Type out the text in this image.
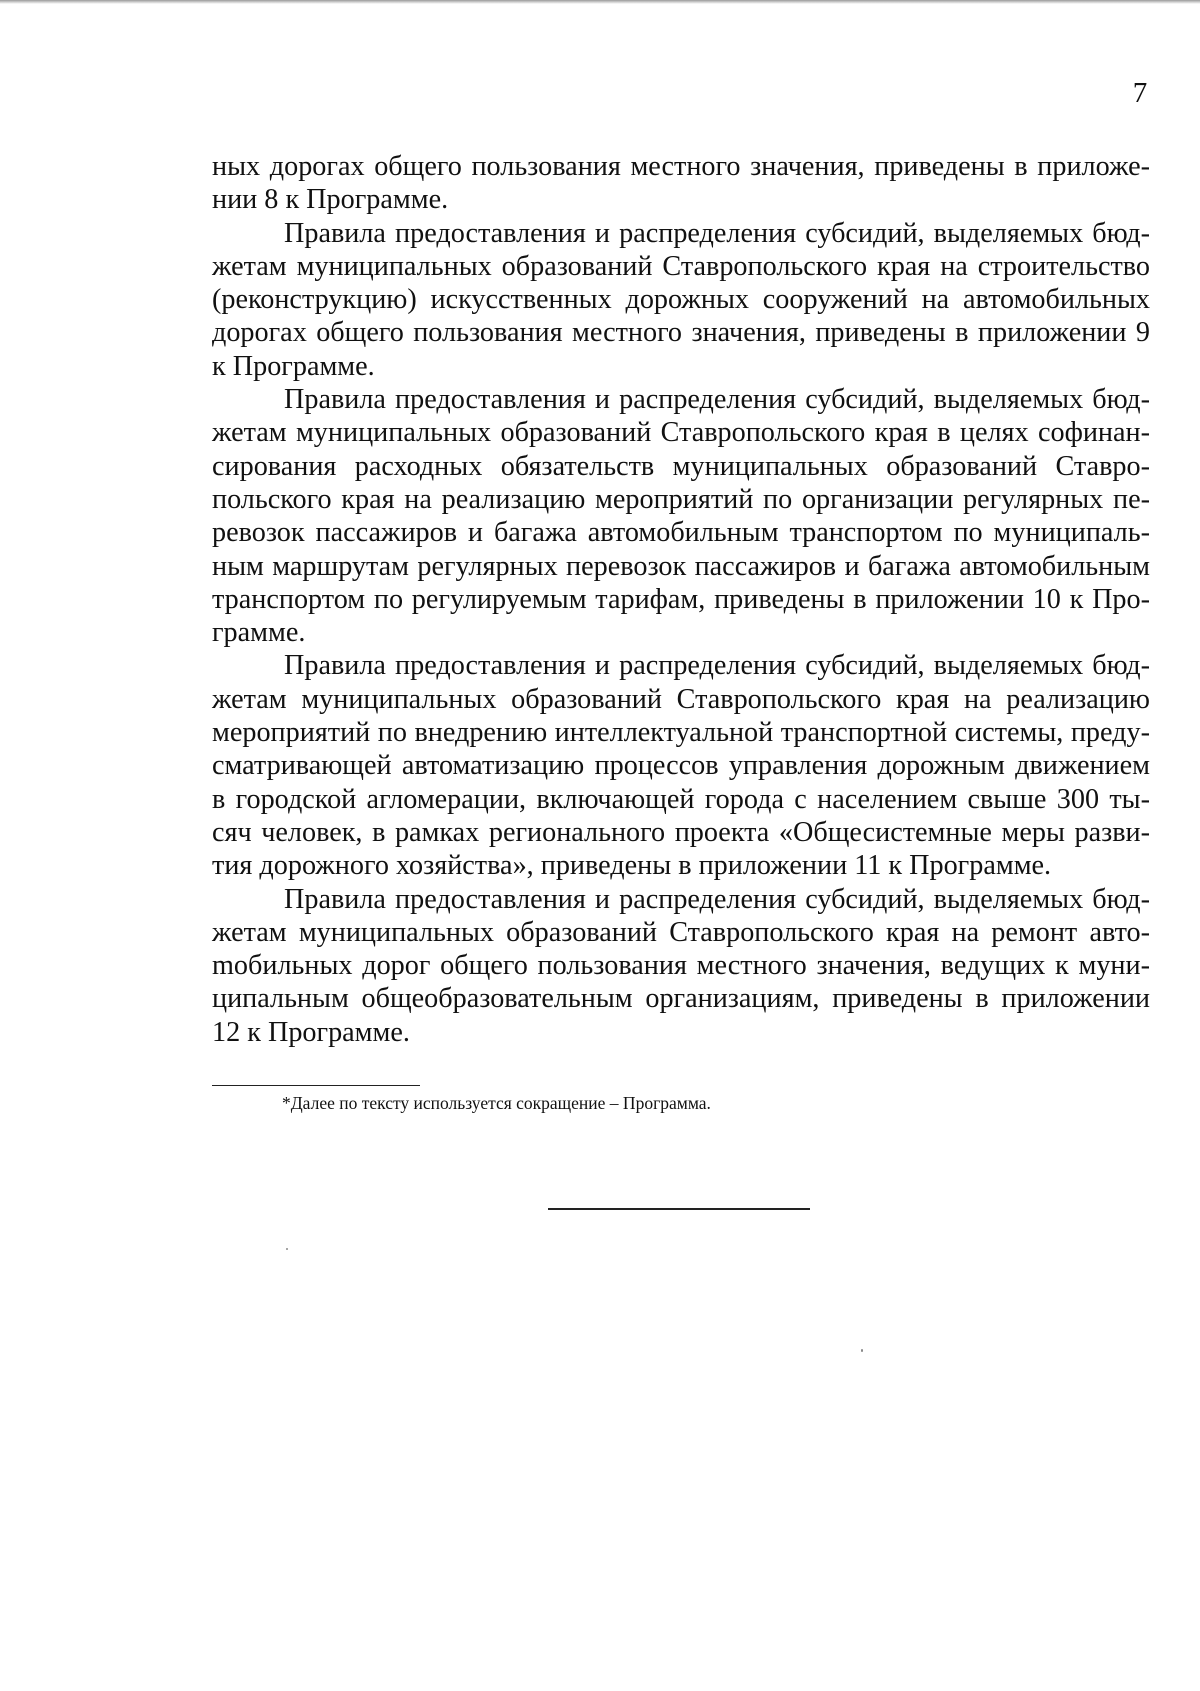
7

ных дорогах общего пользования местного значения, приведены в приложении 8 к Программе.

Правила предоставления и распределения субсидий, выделяемых бюджетам муниципальных образований Ставропольского края на строительство (реконструкцию) искусственных дорожных сооружений на автомобильных дорогах общего пользования местного значения, приведены в приложении 9 к Программе.

Правила предоставления и распределения субсидий, выделяемых бюджетам муниципальных образований Ставропольского края в целях софинансирования расходных обязательств муниципальных образований Ставропольского края на реализацию мероприятий по организации регулярных перевозок пассажиров и багажа автомобильным транспортом по муниципальным маршрутам регулярных перевозок пассажиров и багажа автомобильным транспортом по регулируемым тарифам, приведены в приложении 10 к Программе.

Правила предоставления и распределения субсидий, выделяемых бюджетам муниципальных образований Ставропольского края на реализацию мероприятий по внедрению интеллектуальной транспортной системы, предусматривающей автоматизацию процессов управления дорожным движением в городской агломерации, включающей города с населением свыше 300 тысяч человек, в рамках регионального проекта «Общесистемные меры развития дорожного хозяйства», приведены в приложении 11 к Программе.

Правила предоставления и распределения субсидий, выделяемых бюджетам муниципальных образований Ставропольского края на ремонт автоmобильных дорог общего пользования местного значения, ведущих к муниципальным общеобразовательным организациям, приведены в приложении 12 к Программе.

*Далее по тексту используется сокращение – Программа.
